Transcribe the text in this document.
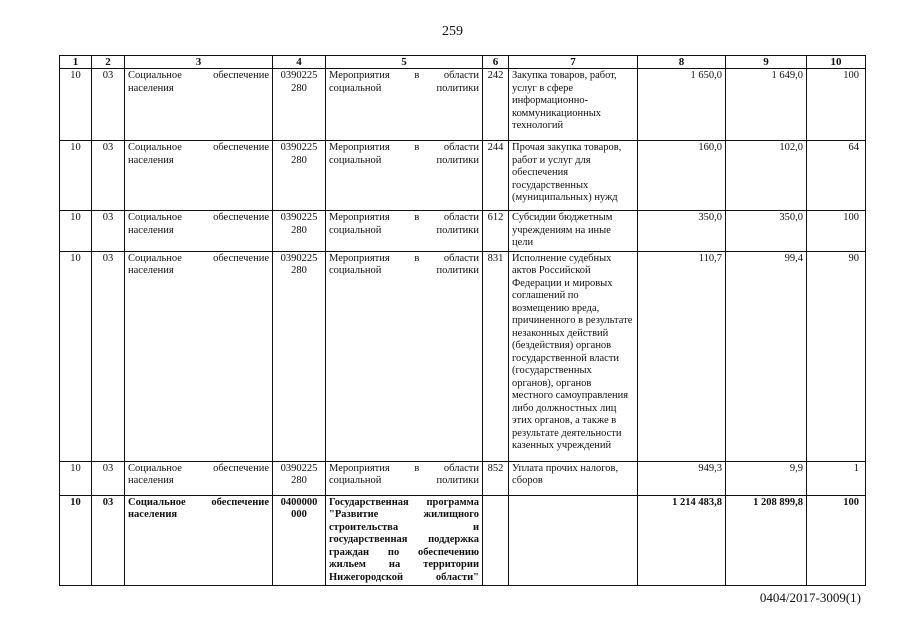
259
1	2	3	4	5	6	7	8	9	10
10	03	Социальное обеспечение населения	0390225 280	Мероприятия в области социальной политики	242	Закупка товаров, работ, услуг в сфере информационно-коммуникационных технологий	1 650,0	1 649,0	100
10	03	Социальное обеспечение населения	0390225 280	Мероприятия в области социальной политики	244	Прочая закупка товаров, работ и услуг для обеспечения государственных (муниципальных) нужд	160,0	102,0	64
10	03	Социальное обеспечение населения	0390225 280	Мероприятия в области социальной политики	612	Субсидии бюджетным учреждениям на иные цели	350,0	350,0	100
10	03	Социальное обеспечение населения	0390225 280	Мероприятия в области социальной политики	831	Исполнение судебных актов Российской Федерации и мировых соглашений по возмещению вреда, причиненного в результате незаконных действий (бездействия) органов государственной власти (государственных органов), органов местного самоуправления либо должностных лиц этих органов, а также в результате деятельности казенных учреждений	110,7	99,4	90
10	03	Социальное обеспечение населения	0390225 280	Мероприятия в области социальной политики	852	Уплата прочих налогов, сборов	949,3	9,9	1
10	03	Социальное обеспечение населения	0400000 000	Государственная программа "Развитие жилищного строительства и государственная поддержка граждан по обеспечению жильем на территории Нижегородской области"			1 214 483,8	1 208 899,8	100
0404/2017-3009(1)
